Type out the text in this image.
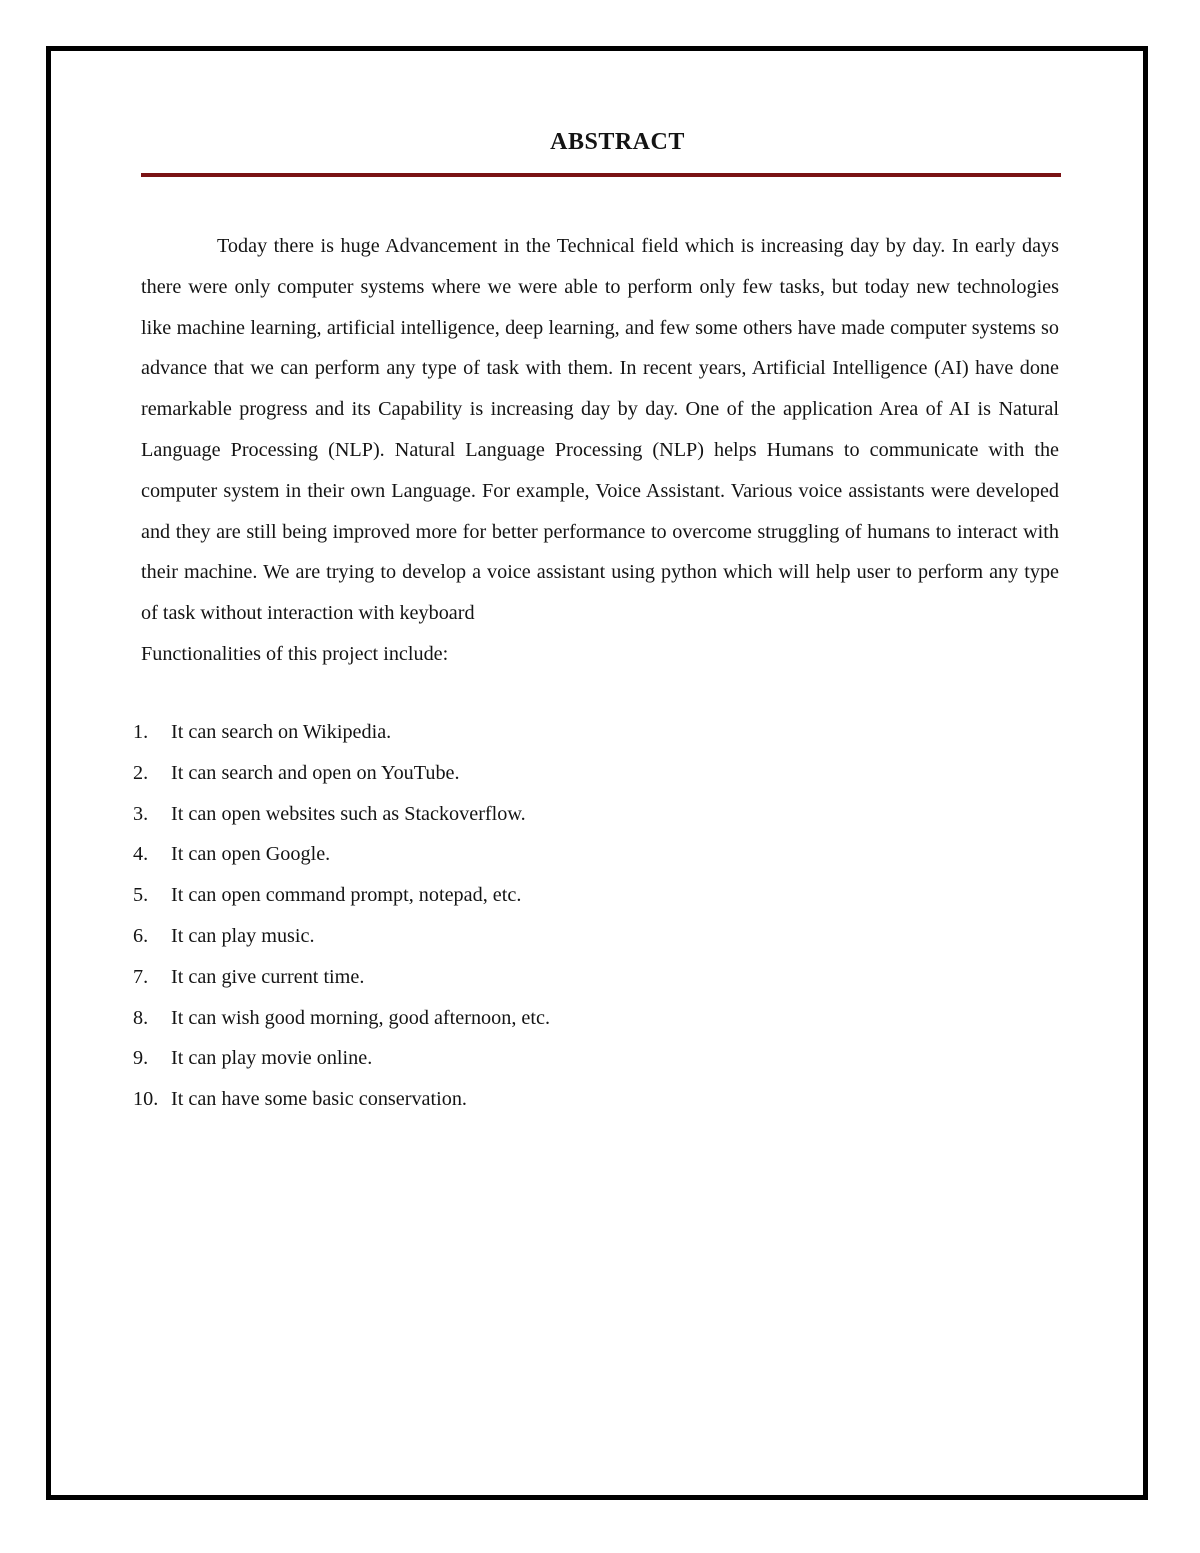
ABSTRACT

Today there is huge Advancement in the Technical field which is increasing day by day. In early days there were only computer systems where we were able to perform only few tasks, but today new technologies like machine learning, artificial intelligence, deep learning, and few some others have made computer systems so advance that we can perform any type of task with them. In recent years, Artificial Intelligence (AI) have done remarkable progress and its Capability is increasing day by day. One of the application Area of AI is Natural Language Processing (NLP). Natural Language Processing (NLP) helps Humans to communicate with the computer system in their own Language. For example, Voice Assistant. Various voice assistants were developed and they are still being improved more for better performance to overcome struggling of humans to interact with their machine. We are trying to develop a voice assistant using python which will help user to perform any type of task without interaction with keyboard

Functionalities of this project include:

1. It can search on Wikipedia.
2. It can search and open on YouTube.
3. It can open websites such as Stackoverflow.
4. It can open Google.
5. It can open command prompt, notepad, etc.
6. It can play music.
7. It can give current time.
8. It can wish good morning, good afternoon, etc.
9. It can play movie online.
10. It can have some basic conservation.
